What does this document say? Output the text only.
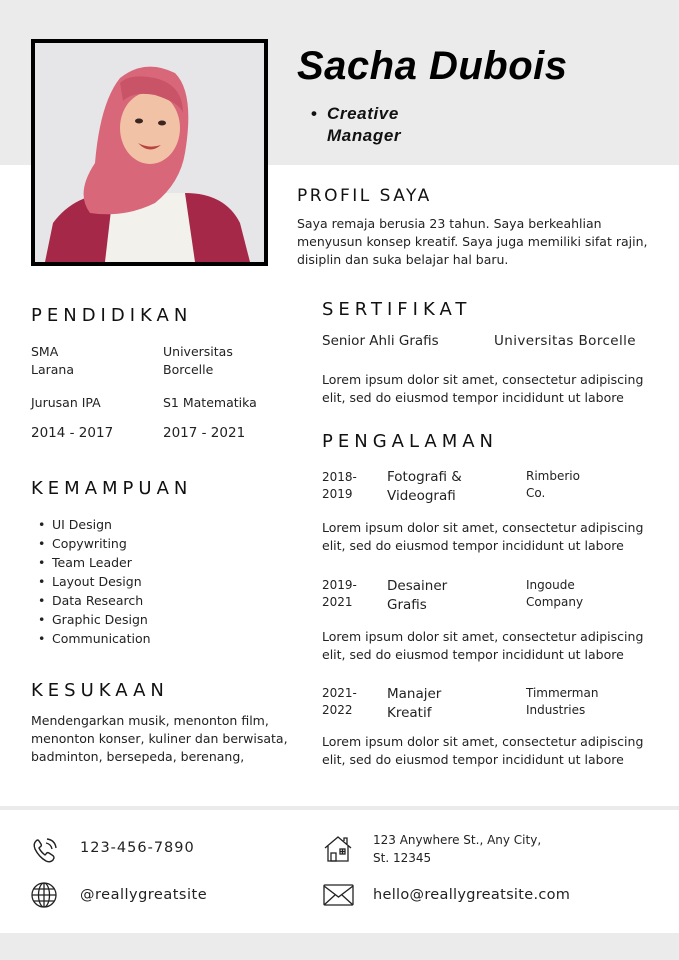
Sacha Dubois
• Creative
Manager
PROFIL SAYA
Saya remaja berusia 23 tahun. Saya berkeahlian
menyusun konsep kreatif. Saya juga memiliki sifat rajin,
disiplin dan suka belajar hal baru.
PENDIDIKAN
SMA
Larana
Jurusan IPA
2014 - 2017
Universitas
Borcelle
S1 Matematika
2017 - 2021
SERTIFIKAT
Senior Ahli Grafis	Universitas Borcelle
Lorem ipsum dolor sit amet, consectetur adipiscing
elit, sed do eiusmod tempor incididunt ut labore
KEMAMPUAN
• UI Design
• Copywriting
• Team Leader
• Layout Design
• Data Research
• Graphic Design
• Communication
PENGALAMAN
2018-
2019
Fotografi &
Videografi
Rimberio
Co.
Lorem ipsum dolor sit amet, consectetur adipiscing
elit, sed do eiusmod tempor incididunt ut labore
2019-
2021
Desainer
Grafis
Ingoude
Company
Lorem ipsum dolor sit amet, consectetur adipiscing
elit, sed do eiusmod tempor incididunt ut labore
2021-
2022
Manajer
Kreatif
Timmerman
Industries
Lorem ipsum dolor sit amet, consectetur adipiscing
elit, sed do eiusmod tempor incididunt ut labore
KESUKAAN
Mendengarkan musik, menonton film,
menonton konser, kuliner dan berwisata,
badminton, bersepeda, berenang,
123-456-7890
@reallygreatsite
123 Anywhere St., Any City,
St. 12345
hello@reallygreatsite.com
